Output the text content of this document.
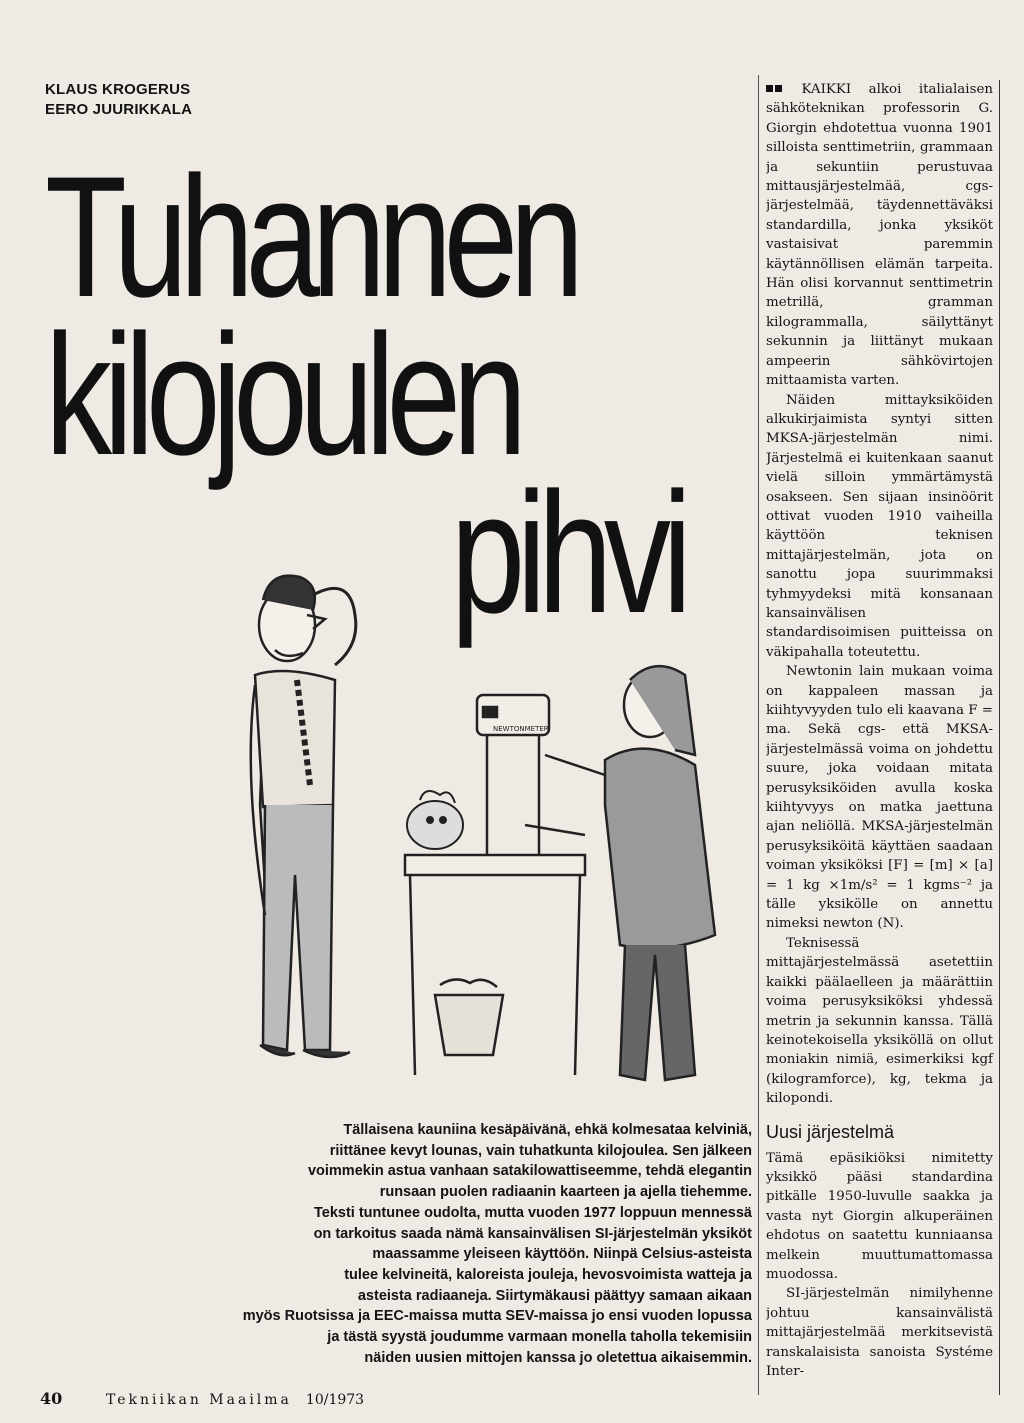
KLAUS KROGERUS
EERO JUURIKKALA
Tuhannen
kilojoulen
pihvi
NEWTONMETER
Tällaisena kauniina kesäpäivänä, ehkä kolmesataa kelviniä,
riittänee kevyt lounas, vain tuhatkunta kilojoulea. Sen jälkeen
voimmekin astua vanhaan satakilowattiseemme, tehdä elegantin
runsaan puolen radiaanin kaarteen ja ajella tiehemme.
Teksti tuntunee oudolta, mutta vuoden 1977 loppuun mennessä
on tarkoitus saada nämä kansainvälisen SI-järjestelmän yksiköt
maassamme yleiseen käyttöön. Niinpä Celsius-asteista
tulee kelvineitä, kaloreista jouleja, hevosvoimista watteja ja
asteista radiaaneja. Siirtymäkausi päättyy samaan aikaan
myös Ruotsissa ja EEC-maissa mutta SEV-maissa jo ensi vuoden lopussa
ja tästä syystä joudumme varmaan monella taholla tekemisiin
näiden uusien mittojen kanssa jo oletettua aikaisemmin.

KAIKKI alkoi italialaisen sähköteknikan professorin G. Giorgin ehdotettua vuonna 1901 silloista senttimetriin, grammaan ja sekuntiin perustuvaa mittausjärjestelmää, cgs-järjestelmää, täydennettäväksi standardilla, jonka yksiköt vastaisivat paremmin käytännöllisen elämän tarpeita. Hän olisi korvannut senttimetrin metrillä, gramman kilogrammalla, säilyttänyt sekunnin ja liittänyt mukaan ampeerin sähkövirtojen mittaamista varten.

Näiden mittayksiköiden alkukirjaimista syntyi sitten MKSA-järjestelmän nimi. Järjestelmä ei kuitenkaan saanut vielä silloin ymmärtämystä osakseen. Sen sijaan insinöörit ottivat vuoden 1910 vaiheilla käyttöön teknisen mittajärjestelmän, jota on sanottu jopa suurimmaksi tyhmyydeksi mitä konsanaan kansainvälisen standardisoimisen puitteissa on väkipahalla toteutettu.

Newtonin lain mukaan voima on kappaleen massan ja kiihtyvyyden tulo eli kaavana F = ma. Sekä cgs- että MKSA-järjestelmässä voima on johdettu suure, joka voidaan mitata perusyksiköiden avulla koska kiihtyvyys on matka jaettuna ajan neliöllä. MKSA-järjestelmän perusyksiköitä käyttäen saadaan voiman yksiköksi [F] = [m] × [a] = 1 kg ×1m/s² = 1 kgms⁻² ja tälle yksikölle on annettu nimeksi newton (N).

Teknisessä mittajärjestelmässä asetettiin kaikki päälaelleen ja määrättiin voima perusyksiköksi yhdessä metrin ja sekunnin kanssa. Tällä keinotekoisella yksiköllä on ollut moniakin nimiä, esimerkiksi kgf (kilogramforce), kg, tekma ja kilopondi.

Uusi järjestelmä

Tämä epäsikiöksi nimitetty yksikkö pääsi standardina pitkälle 1950-luvulle saakka ja vasta nyt Giorgin alkuperäinen ehdotus on saatettu kunniaansa melkein muuttumattomassa muodossa.

SI-järjestelmän nimilyhenne johtuu kansainvälistä mittajärjestelmää merkitsevistä ranskalaisista sanoista Systéme Inter-

40	Tekniikan Maailma 10/1973
